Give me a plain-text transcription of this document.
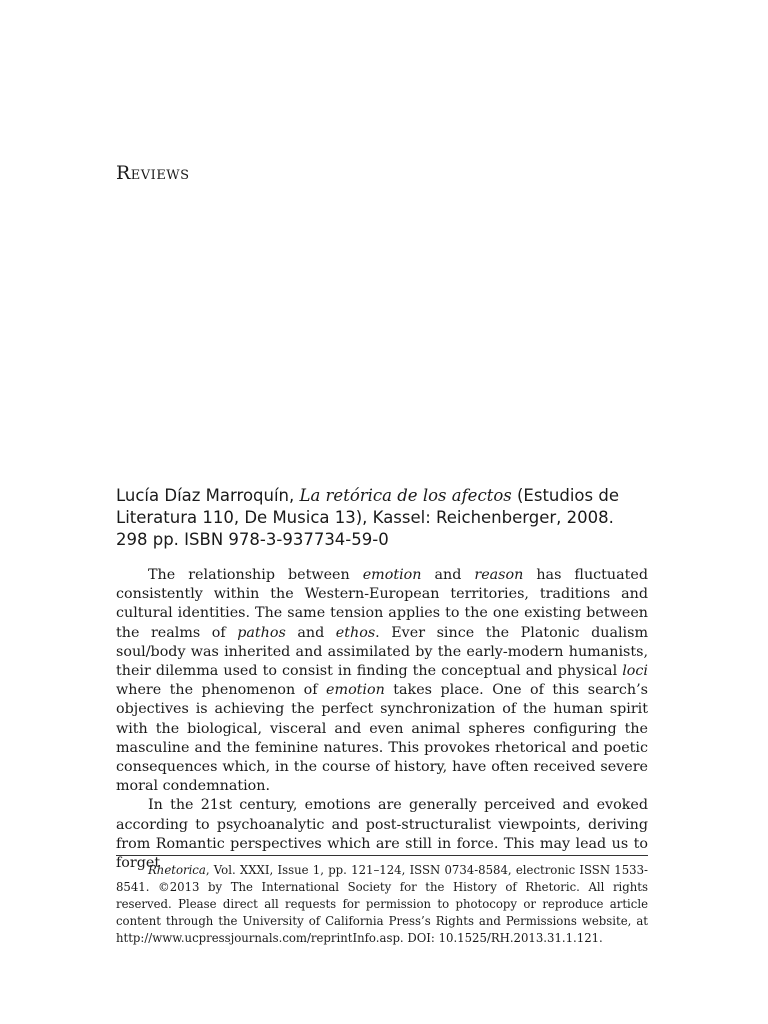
Reviews

Lucía Díaz Marroquín, La retórica de los afectos (Estudios de Literatura 110, De Musica 13), Kassel: Reichenberger, 2008. 298 pp. ISBN 978-3-937734-59-0

The relationship between emotion and reason has fluctuated consistently within the Western-European territories, traditions and cultural identities. The same tension applies to the one existing between the realms of pathos and ethos. Ever since the Platonic dualism soul/body was inherited and assimilated by the early-modern humanists, their dilemma used to consist in finding the conceptual and physical loci where the phenomenon of emotion takes place. One of this search’s objectives is achieving the perfect synchronization of the human spirit with the biological, visceral and even animal spheres configuring the masculine and the feminine natures. This provokes rhetorical and poetic consequences which, in the course of history, have often received severe moral condemnation.

In the 21st century, emotions are generally perceived and evoked according to psychoanalytic and post-structuralist viewpoints, deriving from Romantic perspectives which are still in force. This may lead us to forget

Rhetorica, Vol. XXXI, Issue 1, pp. 121–124, ISSN 0734-8584, electronic ISSN 1533-8541. ©2013 by The International Society for the History of Rhetoric. All rights reserved. Please direct all requests for permission to photocopy or reproduce article content through the University of California Press’s Rights and Permissions website, at http://www.ucpressjournals.com/reprintInfo.asp. DOI: 10.1525/RH.2013.31.1.121.
